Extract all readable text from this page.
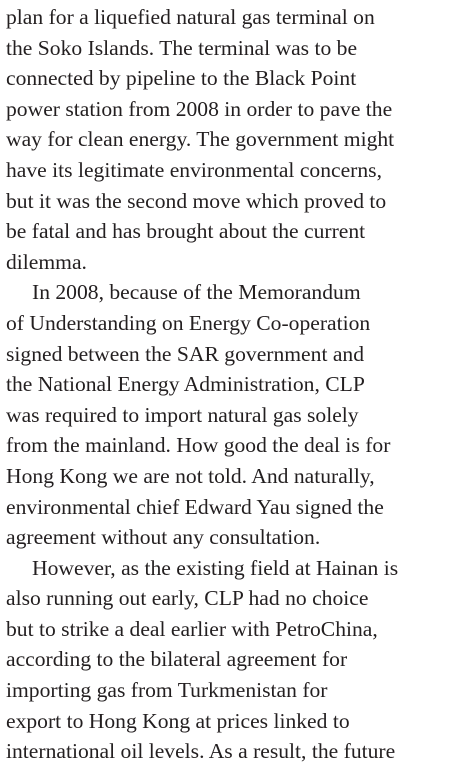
plan for a liquefied natural gas terminal on
the Soko Islands. The terminal was to be
connected by pipeline to the Black Point
power station from 2008 in order to pave the
way for clean energy. The government might
have its legitimate environmental concerns,
but it was the second move which proved to
be fatal and has brought about the current
dilemma.
In 2008, because of the Memorandum
of Understanding on Energy Co-operation
signed between the SAR government and
the National Energy Administration, CLP
was required to import natural gas solely
from the mainland. How good the deal is for
Hong Kong we are not told. And naturally,
environmental chief Edward Yau signed the
agreement without any consultation.
However, as the existing field at Hainan is
also running out early, CLP had no choice
but to strike a deal earlier with PetroChina,
according to the bilateral agreement for
importing gas from Turkmenistan for
export to Hong Kong at prices linked to
international oil levels. As a result, the future
